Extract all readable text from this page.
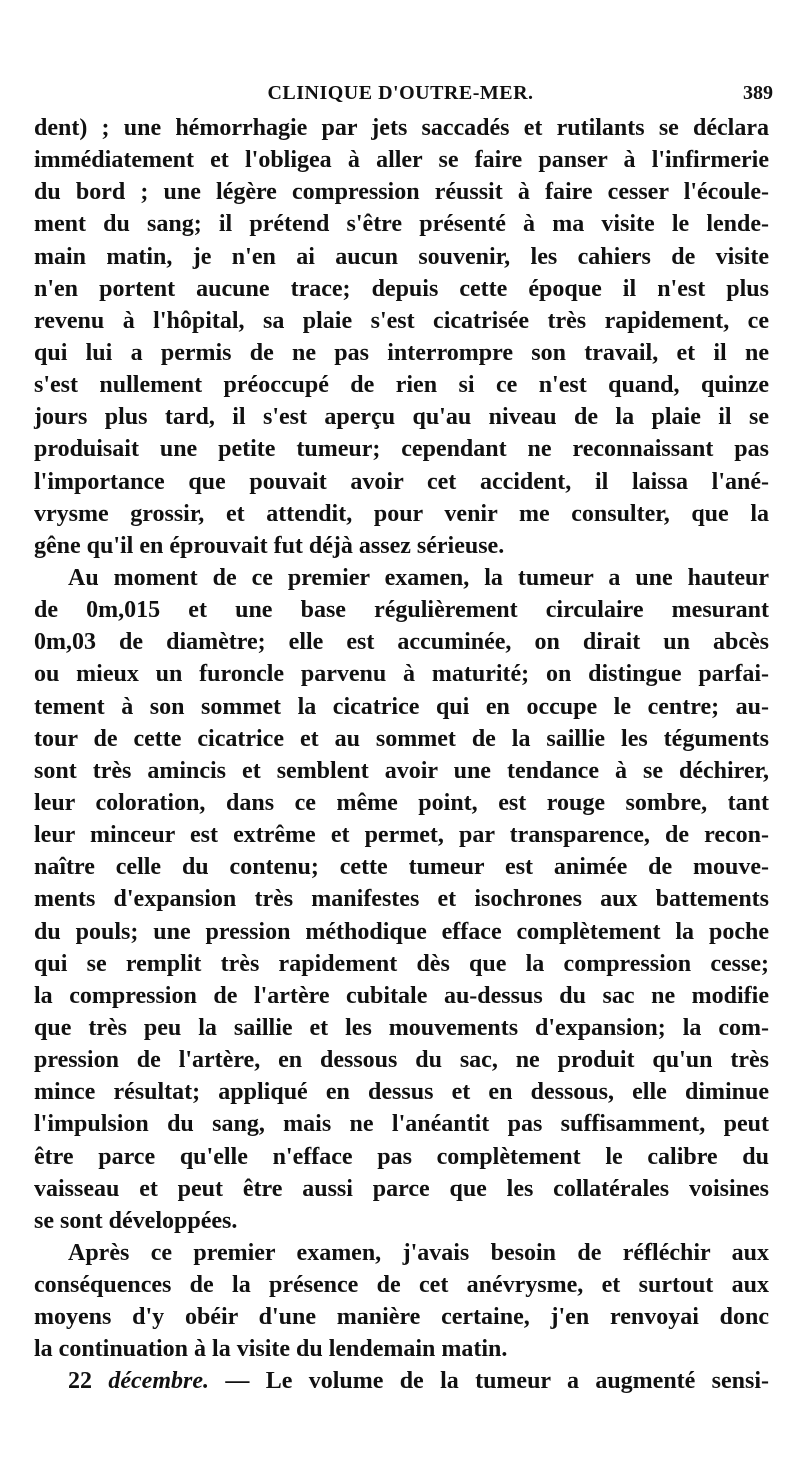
CLINIQUE D'OUTRE-MER.	389
dent) ; une hémorrhagie par jets saccadés et rutilants se déclara
immédiatement et l'obligea à aller se faire panser à l'infirmerie
du bord ; une légère compression réussit à faire cesser l'écoule-
ment du sang; il prétend s'être présenté à ma visite le lende-
main matin, je n'en ai aucun souvenir, les cahiers de visite
n'en portent aucune trace; depuis cette époque il n'est plus
revenu à l'hôpital, sa plaie s'est cicatrisée très rapidement, ce
qui lui a permis de ne pas interrompre son travail, et il ne
s'est nullement préoccupé de rien si ce n'est quand, quinze
jours plus tard, il s'est aperçu qu'au niveau de la plaie il se
produisait une petite tumeur; cependant ne reconnaissant pas
l'importance que pouvait avoir cet accident, il laissa l'ané-
vrysme grossir, et attendit, pour venir me consulter, que la
gêne qu'il en éprouvait fut déjà assez sérieuse.
Au moment de ce premier examen, la tumeur a une hauteur
de 0m,015 et une base régulièrement circulaire mesurant
0m,03 de diamètre; elle est accuminée, on dirait un abcès
ou mieux un furoncle parvenu à maturité; on distingue parfai-
tement à son sommet la cicatrice qui en occupe le centre; au-
tour de cette cicatrice et au sommet de la saillie les téguments
sont très amincis et semblent avoir une tendance à se déchirer,
leur coloration, dans ce même point, est rouge sombre, tant
leur minceur est extrême et permet, par transparence, de recon-
naître celle du contenu; cette tumeur est animée de mouve-
ments d'expansion très manifestes et isochrones aux battements
du pouls; une pression méthodique efface complètement la poche
qui se remplit très rapidement dès que la compression cesse;
la compression de l'artère cubitale au-dessus du sac ne modifie
que très peu la saillie et les mouvements d'expansion; la com-
pression de l'artère, en dessous du sac, ne produit qu'un très
mince résultat; appliqué en dessus et en dessous, elle diminue
l'impulsion du sang, mais ne l'anéantit pas suffisamment, peut
être parce qu'elle n'efface pas complètement le calibre du
vaisseau et peut être aussi parce que les collatérales voisines
se sont développées.
Après ce premier examen, j'avais besoin de réfléchir aux
conséquences de la présence de cet anévrysme, et surtout aux
moyens d'y obéir d'une manière certaine, j'en renvoyai donc
la continuation à la visite du lendemain matin.
22 décembre. — Le volume de la tumeur a augmenté sensi-
